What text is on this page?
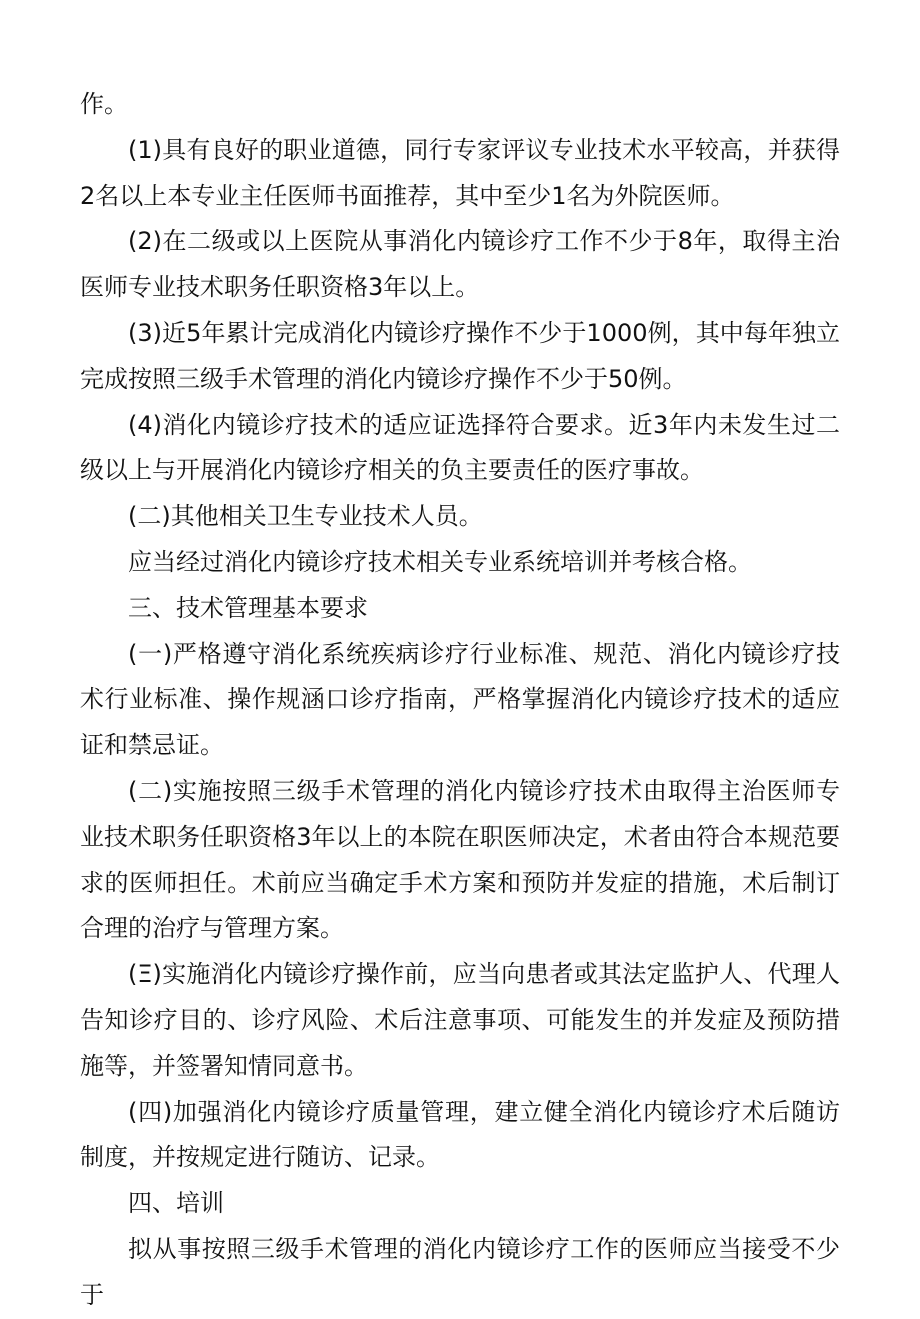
作。

(1)具有良好的职业道德，同行专家评议专业技术水平较高，并获得2名以上本专业主任医师书面推荐，其中至少1名为外院医师。

(2)在二级或以上医院从事消化内镜诊疗工作不少于8年，取得主治医师专业技术职务任职资格3年以上。

(3)近5年累计完成消化内镜诊疗操作不少于1000例，其中每年独立完成按照三级手术管理的消化内镜诊疗操作不少于50例。

(4)消化内镜诊疗技术的适应证选择符合要求。近3年内未发生过二级以上与开展消化内镜诊疗相关的负主要责任的医疗事故。

(二)其他相关卫生专业技术人员。

应当经过消化内镜诊疗技术相关专业系统培训并考核合格。

三、技术管理基本要求

(一)严格遵守消化系统疾病诊疗行业标准、规范、消化内镜诊疗技术行业标准、操作规涵口诊疗指南，严格掌握消化内镜诊疗技术的适应证和禁忌证。

(二)实施按照三级手术管理的消化内镜诊疗技术由取得主治医师专业技术职务任职资格3年以上的本院在职医师决定，术者由符合本规范要求的医师担任。术前应当确定手术方案和预防并发症的措施，术后制订合理的治疗与管理方案。

(Ξ)实施消化内镜诊疗操作前，应当向患者或其法定监护人、代理人告知诊疗目的、诊疗风险、术后注意事项、可能发生的并发症及预防措施等，并签署知情同意书。

(四)加强消化内镜诊疗质量管理，建立健全消化内镜诊疗术后随访制度，并按规定进行随访、记录。

四、培训

拟从事按照三级手术管理的消化内镜诊疗工作的医师应当接受不少于
